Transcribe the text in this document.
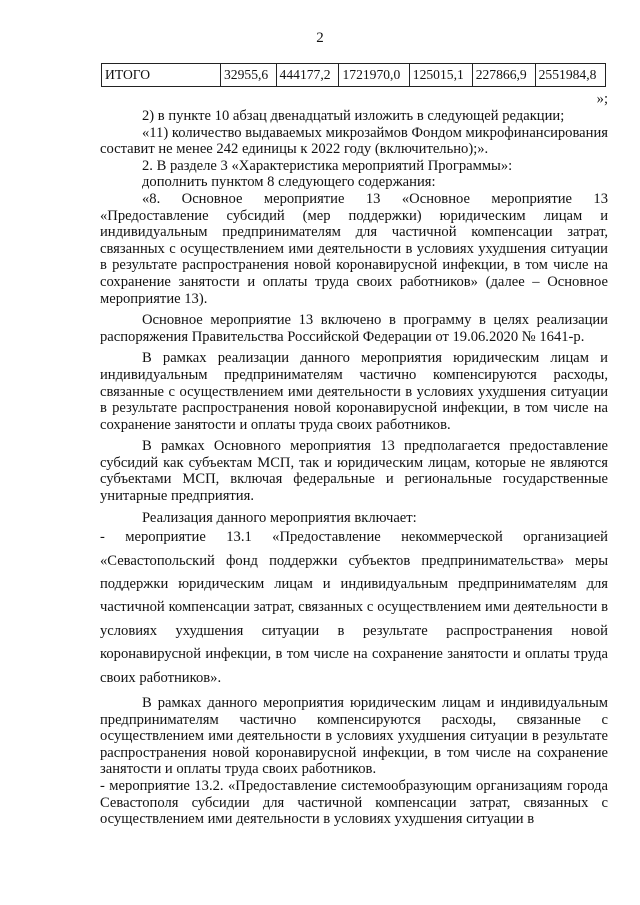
2
ИТОГО	32955,6	444177,2	1721970,0	125015,1	227866,9	2551984,8
»;

2) в пункте 10 абзац двенадцатый изложить в следующей редакции;

«11) количество выдаваемых микрозаймов Фондом микрофинансирования составит не менее 242 единицы к 2022 году (включительно);».

2. В разделе 3 «Характеристика мероприятий Программы»:

дополнить пунктом 8 следующего содержания:

«8. Основное мероприятие 13 «Основное мероприятие 13 «Предоставление субсидий (мер поддержки) юридическим лицам и индивидуальным предпринимателям для частичной компенсации затрат, связанных с осуществлением ими деятельности в условиях ухудшения ситуации в результате распространения новой коронавирусной инфекции, в том числе на сохранение занятости и оплаты труда своих работников» (далее – Основное мероприятие 13).

Основное мероприятие 13 включено в программу в целях реализации распоряжения Правительства Российской Федерации от 19.06.2020 № 1641-р.

В рамках реализации данного мероприятия юридическим лицам и индивидуальным предпринимателям частично компенсируются расходы, связанные с осуществлением ими деятельности в условиях ухудшения ситуации в результате распространения новой коронавирусной инфекции, в том числе на сохранение занятости и оплаты труда своих работников.

В рамках Основного мероприятия 13 предполагается предоставление субсидий как субъектам МСП, так и юридическим лицам, которые не являются субъектами МСП, включая федеральные и региональные государственные унитарные предприятия.

Реализация данного мероприятия включает:

- мероприятие 13.1 «Предоставление некоммерческой организацией «Севастопольский фонд поддержки субъектов предпринимательства» меры поддержки юридическим лицам и индивидуальным предпринимателям для частичной компенсации затрат, связанных с осуществлением ими деятельности в условиях ухудшения ситуации в результате распространения новой коронавирусной инфекции, в том числе на сохранение занятости и оплаты труда своих работников».

В рамках данного мероприятия юридическим лицам и индивидуальным предпринимателям частично компенсируются расходы, связанные с осуществлением ими деятельности в условиях ухудшения ситуации в результате распространения новой коронавирусной инфекции, в том числе на сохранение занятости и оплаты труда своих работников.

- мероприятие 13.2. «Предоставление системообразующим организациям города Севастополя субсидии для частичной компенсации затрат, связанных с осуществлением ими деятельности в условиях ухудшения ситуации в
